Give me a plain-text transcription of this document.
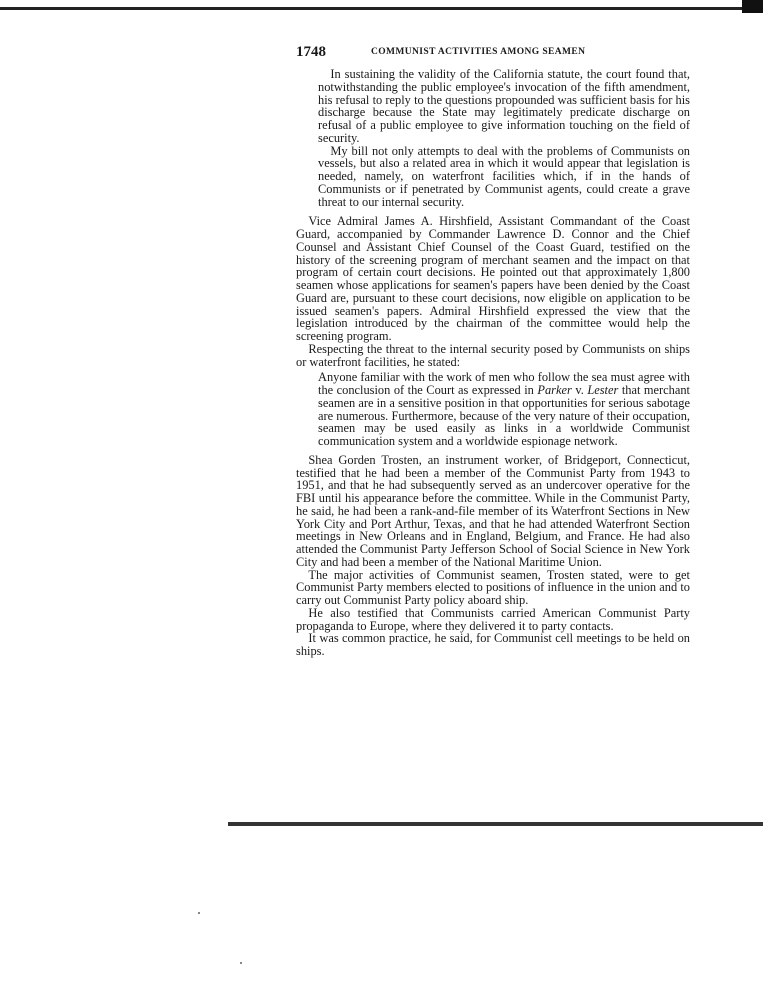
1748	COMMUNIST ACTIVITIES AMONG SEAMEN

In sustaining the validity of the California statute, the court found that, notwithstanding the public employee's invocation of the fifth amendment, his refusal to reply to the questions propounded was sufficient basis for his discharge because the State may legitimately predicate discharge on refusal of a public employee to give information touching on the field of security.

My bill not only attempts to deal with the problems of Communists on vessels, but also a related area in which it would appear that legislation is needed, namely, on waterfront facilities which, if in the hands of Communists or if penetrated by Communist agents, could create a grave threat to our internal security.

Vice Admiral James A. Hirshfield, Assistant Commandant of the Coast Guard, accompanied by Commander Lawrence D. Connor and the Chief Counsel and Assistant Chief Counsel of the Coast Guard, testified on the history of the screening program of merchant seamen and the impact on that program of certain court decisions. He pointed out that approximately 1,800 seamen whose applications for seamen's papers have been denied by the Coast Guard are, pursuant to these court decisions, now eligible on application to be issued seamen's papers. Admiral Hirshfield expressed the view that the legislation introduced by the chairman of the committee would help the screening program.

Respecting the threat to the internal security posed by Communists on ships or waterfront facilities, he stated:

Anyone familiar with the work of men who follow the sea must agree with the conclusion of the Court as expressed in Parker v. Lester that merchant seamen are in a sensitive position in that opportunities for serious sabotage are numerous. Furthermore, because of the very nature of their occupation, seamen may be used easily as links in a worldwide Communist communication system and a worldwide espionage network.

Shea Gorden Trosten, an instrument worker, of Bridgeport, Connecticut, testified that he had been a member of the Communist Party from 1943 to 1951, and that he had subsequently served as an undercover operative for the FBI until his appearance before the committee. While in the Communist Party, he said, he had been a rank-and-file member of its Waterfront Sections in New York City and Port Arthur, Texas, and that he had attended Waterfront Section meetings in New Orleans and in England, Belgium, and France. He had also attended the Communist Party Jefferson School of Social Science in New York City and had been a member of the National Maritime Union.

The major activities of Communist seamen, Trosten stated, were to get Communist Party members elected to positions of influence in the union and to carry out Communist Party policy aboard ship.

He also testified that Communists carried American Communist Party propaganda to Europe, where they delivered it to party contacts.

It was common practice, he said, for Communist cell meetings to be held on ships.
